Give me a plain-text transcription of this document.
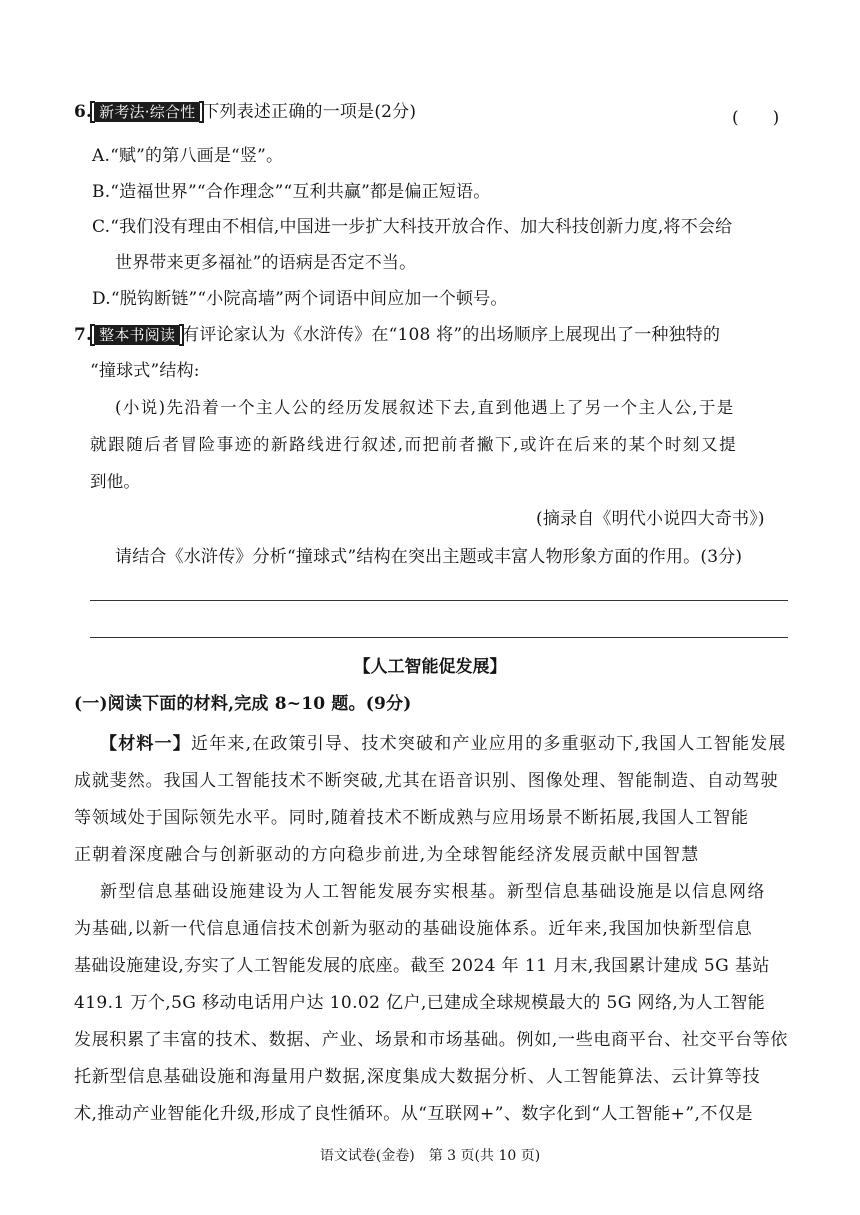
6. 新考法·综合性 下列表述正确的一项是(2分)	(　　)
A.“赋”的第八画是“竖”。
B.“造福世界”“合作理念”“互利共赢”都是偏正短语。
C.“我们没有理由不相信,中国进一步扩大科技开放合作、加大科技创新力度,将不会给
世界带来更多福祉”的语病是否定不当。
D.“脱钩断链”“小院高墙”两个词语中间应加一个顿号。
7. 整本书阅读 有评论家认为《水浒传》在“108 将”的出场顺序上展现出了一种独特的
“撞球式”结构:
(小说)先沿着一个主人公的经历发展叙述下去,直到他遇上了另一个主人公,于是
就跟随后者冒险事迹的新路线进行叙述,而把前者撇下,或许在后来的某个时刻又提
到他。
(摘录自《明代小说四大奇书》)
请结合《水浒传》分析“撞球式”结构在突出主题或丰富人物形象方面的作用。(3分)
【人工智能促发展】
(一)阅读下面的材料,完成 8~10 题。(9分)
【材料一】近年来,在政策引导、技术突破和产业应用的多重驱动下,我国人工智能发展
成就斐然。我国人工智能技术不断突破,尤其在语音识别、图像处理、智能制造、自动驾驶
等领域处于国际领先水平。同时,随着技术不断成熟与应用场景不断拓展,我国人工智能
正朝着深度融合与创新驱动的方向稳步前进,为全球智能经济发展贡献中国智慧
新型信息基础设施建设为人工智能发展夯实根基。新型信息基础设施是以信息网络
为基础,以新一代信息通信技术创新为驱动的基础设施体系。近年来,我国加快新型信息
基础设施建设,夯实了人工智能发展的底座。截至 2024 年 11 月末,我国累计建成 5G 基站
419.1 万个,5G 移动电话用户达 10.02 亿户,已建成全球规模最大的 5G 网络,为人工智能
发展积累了丰富的技术、数据、产业、场景和市场基础。例如,一些电商平台、社交平台等依
托新型信息基础设施和海量用户数据,深度集成大数据分析、人工智能算法、云计算等技
术,推动产业智能化升级,形成了良性循环。从“互联网+”、数字化到“人工智能+”,不仅是
语文试卷(金卷)　第 3 页(共 10 页)
